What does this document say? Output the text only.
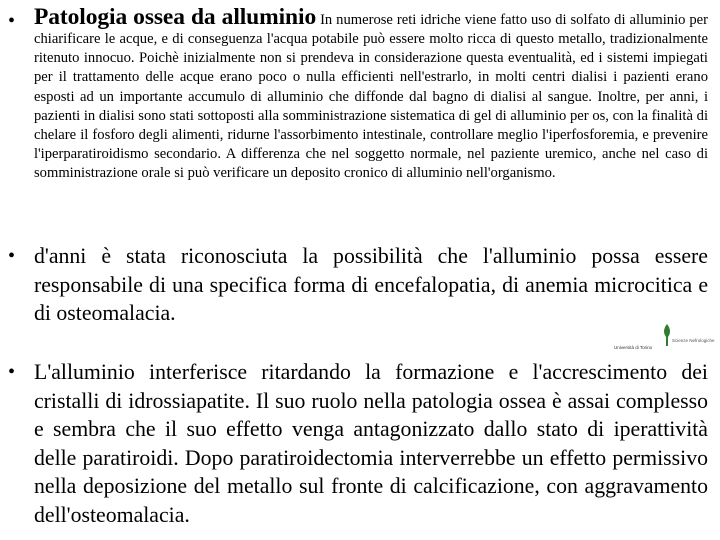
• Patologia ossea da alluminio In numerose reti idriche viene fatto uso di solfato di alluminio per chiarificare le acque, e di conseguenza l'acqua potabile può essere molto ricca di questo metallo, tradizionalmente ritenuto innocuo. Poichè inizialmente non si prendeva in considerazione questa eventualità, ed i sistemi impiegati per il trattamento delle acque erano poco o nulla efficienti nell'estrarlo, in molti centri dialisi i pazienti erano esposti ad un importante accumulo di alluminio che diffonde dal bagno di dialisi al sangue. Inoltre, per anni, i pazienti in dialisi sono stati sottoposti alla somministrazione sistematica di gel di alluminio per os, con la finalità di chelare il fosforo degli alimenti, ridurne l'assorbimento intestinale, controllare meglio l'iperfosforemia, e prevenire l'iperparatiroidismo secondario. A differenza che nel soggetto normale, nel paziente uremico, anche nel caso di somministrazione orale si può verificare un deposito cronico di alluminio nell'organismo.
• d'anni è stata riconosciuta la possibilità che l'alluminio possa essere responsabile di una specifica forma di encefalopatia, di anemia microcitica e di osteomalacia.
• L'alluminio interferisce ritardando la formazione e l'accrescimento dei cristalli di idrossiapatite. Il suo ruolo nella patologia ossea è assai complesso e sembra che il suo effetto venga antagonizzato dallo stato di iperattività delle paratiroidi. Dopo paratiroidectomia interverrebbe un effetto permissivo nella deposizione del metallo sul fronte di calcificazione, con aggravamento dell'osteomalacia.
Università di Torino
Scienze Nefrologiche
